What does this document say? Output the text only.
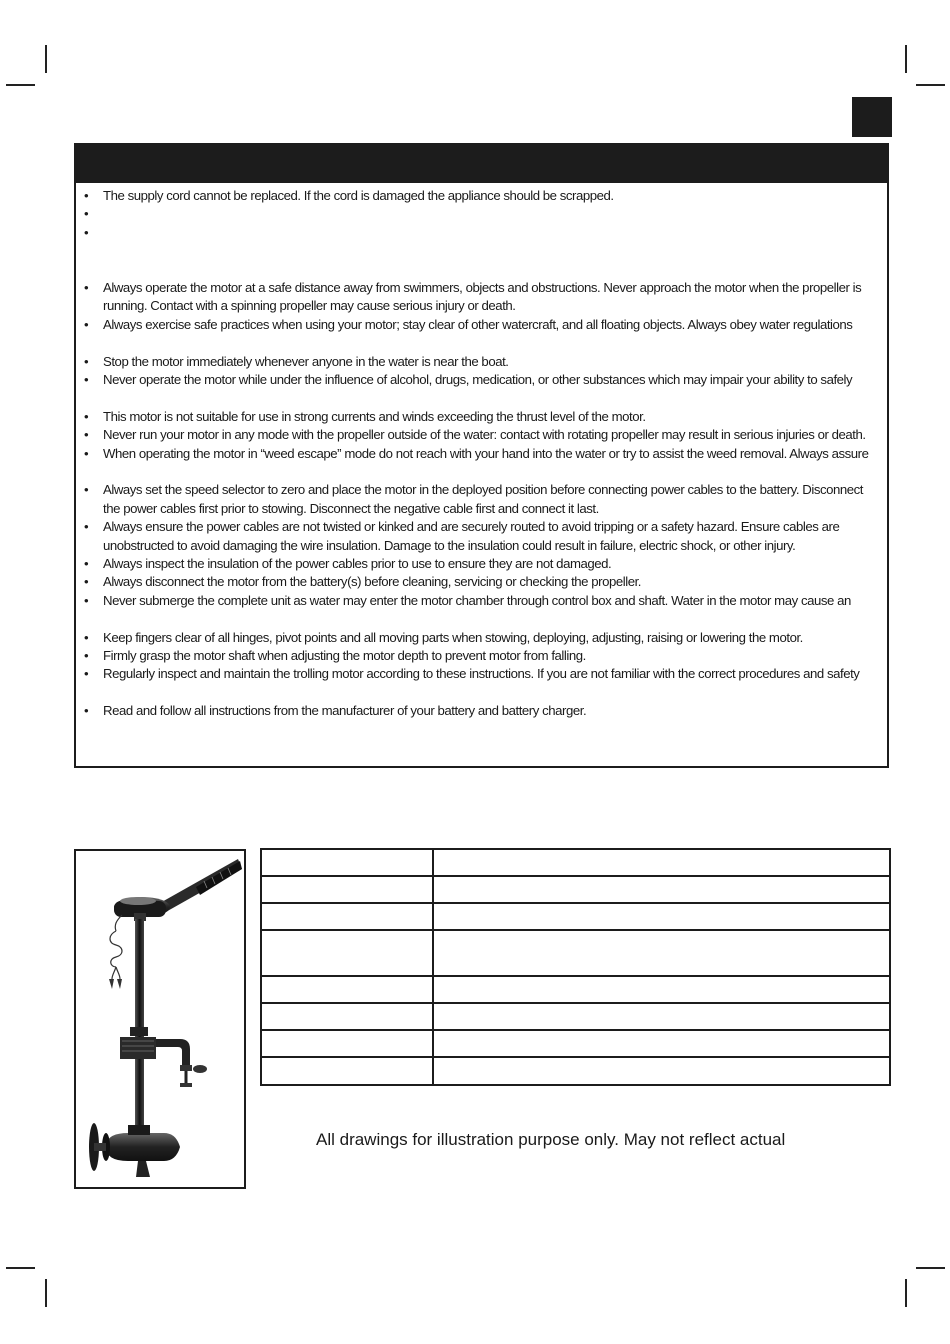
• The supply cord cannot be replaced. If the cord is damaged the appliance should be scrapped.
•
•
• Always operate the motor at a safe distance away from swimmers, objects and obstructions. Never approach the motor when the propeller is running. Contact with a spinning propeller may cause serious injury or death.
• Always exercise safe practices when using your motor; stay clear of other watercraft, and all floating objects. Always obey water regulations
• Stop the motor immediately whenever anyone in the water is near the boat.
• Never operate the motor while under the influence of alcohol, drugs, medication, or other substances which may impair your ability to safely
• This motor is not suitable for use in strong currents and winds exceeding the thrust level of the motor.
• Never run your motor in any mode with the propeller outside of the water: contact with rotating propeller may result in serious injuries or death.
• When operating the motor in “weed escape” mode do not reach with your hand into the water or try to assist the weed removal. Always assure
• Always set the speed selector to zero and place the motor in the deployed position before connecting power cables to the battery. Disconnect the power cables first prior to stowing. Disconnect the negative cable first and connect it last.
• Always ensure the power cables are not twisted or kinked and are securely routed to avoid tripping or a safety hazard. Ensure cables are unobstructed to avoid damaging the wire insulation. Damage to the insulation could result in failure, electric shock, or other injury.
• Always inspect the insulation of the power cables prior to use to ensure they are not damaged.
• Always disconnect the motor from the battery(s) before cleaning, servicing or checking the propeller.
• Never submerge the complete unit as water may enter the motor chamber through control box and shaft. Water in the motor may cause an
• Keep fingers clear of all hinges, pivot points and all moving parts when stowing, deploying, adjusting, raising or lowering the motor.
• Firmly grasp the motor shaft when adjusting the motor depth to prevent motor from falling.
• Regularly inspect and maintain the trolling motor according to these instructions. If you are not familiar with the correct procedures and safety
• Read and follow all instructions from the manufacturer of your battery and battery charger.

All drawings for illustration purpose only. May not reflect actual
